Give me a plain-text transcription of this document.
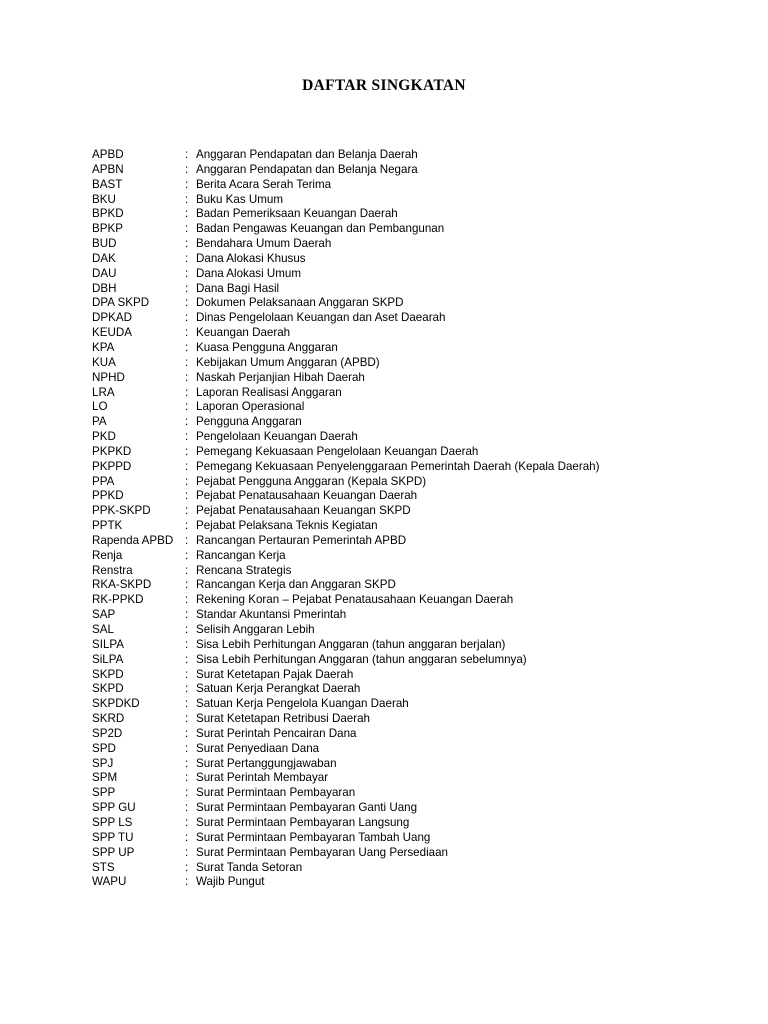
DAFTAR SINGKATAN
APBD	: Anggaran Pendapatan dan Belanja Daerah
APBN	: Anggaran Pendapatan dan Belanja Negara
BAST	: Berita Acara Serah Terima
BKU	: Buku Kas Umum
BPKD	: Badan Pemeriksaan Keuangan Daerah
BPKP	: Badan Pengawas Keuangan dan Pembangunan
BUD	: Bendahara Umum Daerah
DAK	: Dana Alokasi Khusus
DAU	: Dana Alokasi Umum
DBH	: Dana Bagi Hasil
DPA SKPD	: Dokumen Pelaksanaan Anggaran SKPD
DPKAD	: Dinas Pengelolaan Keuangan dan Aset Daearah
KEUDA	: Keuangan Daerah
KPA	: Kuasa Pengguna Anggaran
KUA	: Kebijakan Umum Anggaran (APBD)
NPHD	: Naskah Perjanjian Hibah Daerah
LRA	: Laporan Realisasi Anggaran
LO	: Laporan Operasional
PA	: Pengguna Anggaran
PKD	: Pengelolaan Keuangan Daerah
PKPKD	: Pemegang Kekuasaan Pengelolaan Keuangan Daerah
PKPPD	: Pemegang Kekuasaan Penyelenggaraan Pemerintah Daerah (Kepala Daerah)
PPA	: Pejabat Pengguna Anggaran (Kepala SKPD)
PPKD	: Pejabat Penatausahaan Keuangan Daerah
PPK-SKPD	: Pejabat Penatausahaan Keuangan SKPD
PPTK	: Pejabat Pelaksana Teknis Kegiatan
Rapenda APBD	: Rancangan Pertauran Pemerintah APBD
Renja	: Rancangan Kerja
Renstra	: Rencana Strategis
RKA-SKPD	: Rancangan Kerja dan Anggaran SKPD
RK-PPKD	: Rekening Koran – Pejabat Penatausahaan Keuangan Daerah
SAP	: Standar Akuntansi Pmerintah
SAL	: Selisih Anggaran Lebih
SILPA	: Sisa Lebih Perhitungan Anggaran (tahun anggaran berjalan)
SiLPA	: Sisa Lebih Perhitungan Anggaran (tahun anggaran sebelumnya)
SKPD	: Surat Ketetapan Pajak Daerah
SKPD	: Satuan Kerja Perangkat Daerah
SKPDKD	: Satuan Kerja Pengelola Kuangan Daerah
SKRD	: Surat Ketetapan Retribusi Daerah
SP2D	: Surat Perintah Pencairan Dana
SPD	: Surat Penyediaan Dana
SPJ	: Surat Pertanggungjawaban
SPM	: Surat Perintah Membayar
SPP	: Surat Permintaan Pembayaran
SPP GU	: Surat Permintaan Pembayaran Ganti Uang
SPP LS	: Surat Permintaan Pembayaran Langsung
SPP TU	: Surat Permintaan Pembayaran Tambah Uang
SPP UP	: Surat Permintaan Pembayaran Uang Persediaan
STS	: Surat Tanda Setoran
WAPU	: Wajib Pungut
